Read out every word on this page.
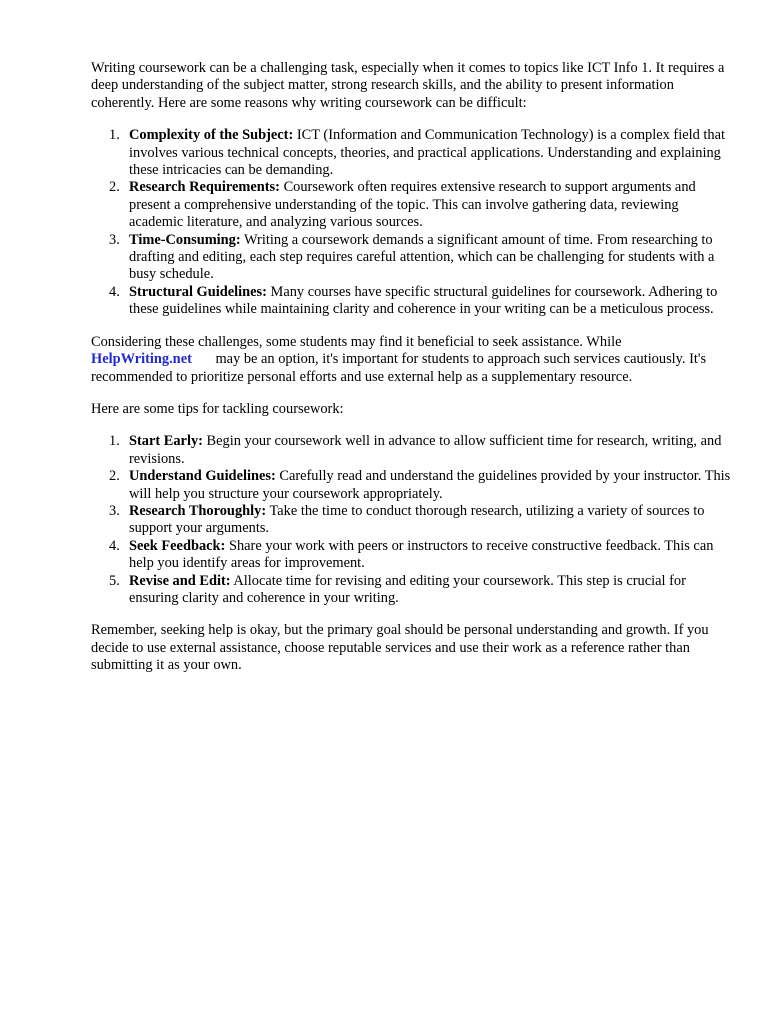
Writing coursework can be a challenging task, especially when it comes to topics like ICT Info 1. It requires a deep understanding of the subject matter, strong research skills, and the ability to present information coherently. Here are some reasons why writing coursework can be difficult:

1. Complexity of the Subject: ICT (Information and Communication Technology) is a complex field that involves various technical concepts, theories, and practical applications. Understanding and explaining these intricacies can be demanding.
2. Research Requirements: Coursework often requires extensive research to support arguments and present a comprehensive understanding of the topic. This can involve gathering data, reviewing academic literature, and analyzing various sources.
3. Time-Consuming: Writing a coursework demands a significant amount of time. From researching to drafting and editing, each step requires careful attention, which can be challenging for students with a busy schedule.
4. Structural Guidelines: Many courses have specific structural guidelines for coursework. Adhering to these guidelines while maintaining clarity and coherence in your writing can be a meticulous process.

Considering these challenges, some students may find it beneficial to seek assistance. While
HelpWriting.net may be an option, it's important for students to approach such services cautiously. It's recommended to prioritize personal efforts and use external help as a supplementary resource.

Here are some tips for tackling coursework:

1. Start Early: Begin your coursework well in advance to allow sufficient time for research, writing, and revisions.
2. Understand Guidelines: Carefully read and understand the guidelines provided by your instructor. This will help you structure your coursework appropriately.
3. Research Thoroughly: Take the time to conduct thorough research, utilizing a variety of sources to support your arguments.
4. Seek Feedback: Share your work with peers or instructors to receive constructive feedback. This can help you identify areas for improvement.
5. Revise and Edit: Allocate time for revising and editing your coursework. This step is crucial for ensuring clarity and coherence in your writing.

Remember, seeking help is okay, but the primary goal should be personal understanding and growth. If you decide to use external assistance, choose reputable services and use their work as a reference rather than submitting it as your own.
